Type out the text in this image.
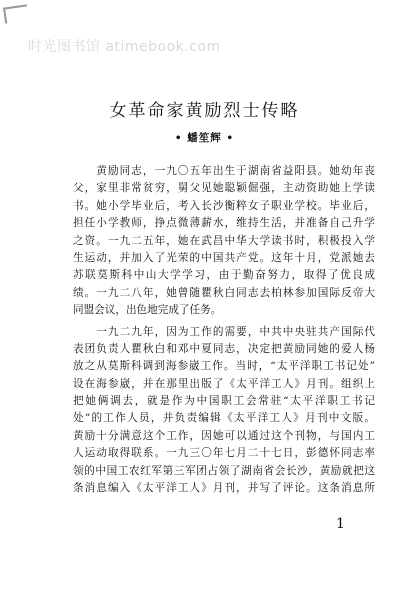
时光图书馆 atimebook.com
女革命家黄励烈士传略
• 蟠笙辉 •
　　黄励同志，一九〇五年出生于湖南省益阳县。她幼年丧
父，家里非常贫穷，舅父见她聪颖倔强，主动资助她上学读
书。她小学毕业后，考入长沙衡粹女子职业学校。毕业后，
担任小学教师，挣点微薄薪水，维持生活，并准备自己升学
之资。一九二五年，她在武昌中华大学读书时，积极投入学
生运动，并加入了光荣的中国共产党。这年十月，党派她去
苏联莫斯科中山大学学习，由于勤奋努力，取得了优良成
绩。一九二八年，她曾随瞿秋白同志去柏林参加国际反帝大
同盟会议，出色地完成了任务。
　　一九二九年，因为工作的需要，中共中央驻共产国际代
表团负责人瞿秋白和邓中夏同志，决定把黄励同她的爱人杨
放之从莫斯科调到海参崴工作。当时，“太平洋职工书记处”
设在海参崴，并在那里出版了《太平洋工人》月刊。组织上
把她俩调去，就是作为中国职工会常驻“太平洋职工书记
处”的工作人员，并负责编辑《太平洋工人》月刊中文版。
黄励十分满意这个工作，因她可以通过这个刊物，与国内工
人运动取得联系。一九三〇年七月二十七日，彭德怀同志率
领的中国工农红军第三军团占领了湖南省会长沙，黄励就把这
条消息编入《太平洋工人》月刊，并写了评论。这条消息所
1
